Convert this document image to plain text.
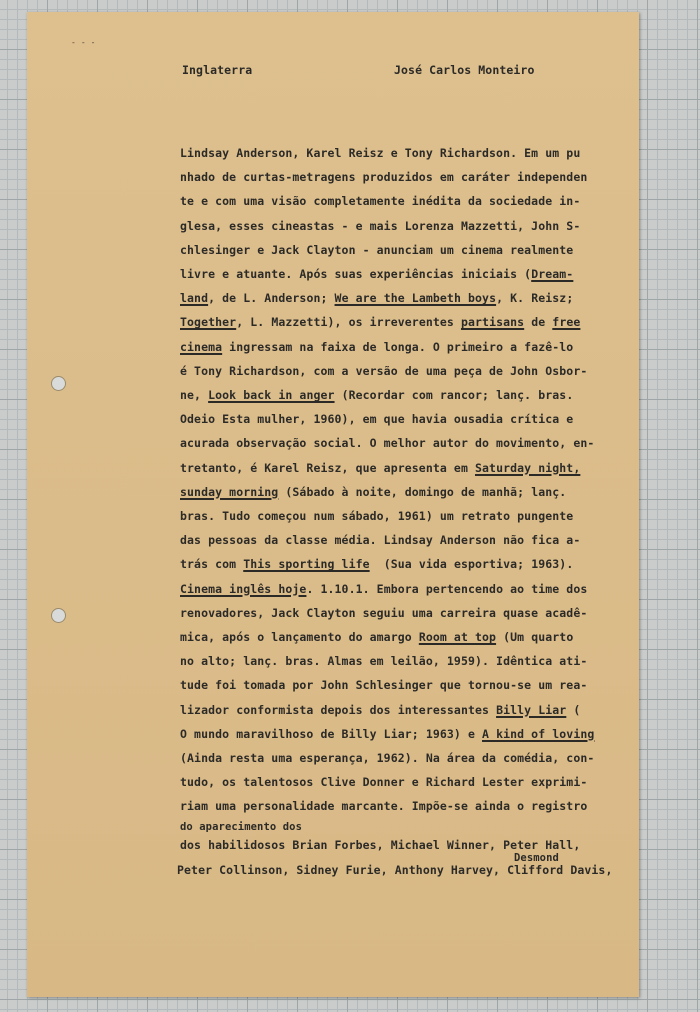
- - -
Inglaterra	José Carlos Monteiro
Lindsay Anderson, Karel Reisz e Tony Richardson. Em um pu
nhado de curtas-metragens produzidos em caráter independen
te e com uma visão completamente inédita da sociedade in-
glesa, esses cineastas - e mais Lorenza Mazzetti, John S-
chlesinger e Jack Clayton - anunciam um cinema realmente
livre e atuante. Após suas experiências iniciais (Dream-
land, de L. Anderson; We are the Lambeth boys, K. Reisz;
Together, L. Mazzetti), os irreverentes partisans de free
cinema ingressam na faixa de longa. O primeiro a fazê-lo
é Tony Richardson, com a versão de uma peça de John Osbor-
ne, Look back in anger (Recordar com rancor; lanç. bras.
Odeio Esta mulher, 1960), em que havia ousadia crítica e
acurada observação social. O melhor autor do movimento, en-
tretanto, é Karel Reisz, que apresenta em Saturday night,
sunday morning (Sábado à noite, domingo de manhã; lanç.
bras. Tudo começou num sábado, 1961) um retrato pungente
das pessoas da classe média. Lindsay Anderson não fica a-
trás com This sporting life  (Sua vida esportiva; 1963).
Cinema inglês hoje. 1.10.1. Embora pertencendo ao time dos
renovadores, Jack Clayton seguiu uma carreira quase acadê-
mica, após o lançamento do amargo Room at top (Um quarto
no alto; lanç. bras. Almas em leilão, 1959). Idêntica ati-
tude foi tomada por John Schlesinger que tornou-se um rea-
lizador conformista depois dos interessantes Billy Liar (
O mundo maravilhoso de Billy Liar; 1963) e A kind of loving
(Ainda resta uma esperança, 1962). Na área da comédia, con-
tudo, os talentosos Clive Donner e Richard Lester exprimi-
riam uma personalidade marcante. Impõe-se ainda o registro
do aparecimento dos
dos habilidosos Brian Forbes, Michael Winner, Peter Hall,
Desmond
Peter Collinson, Sidney Furie, Anthony Harvey, Clifford Davis,
